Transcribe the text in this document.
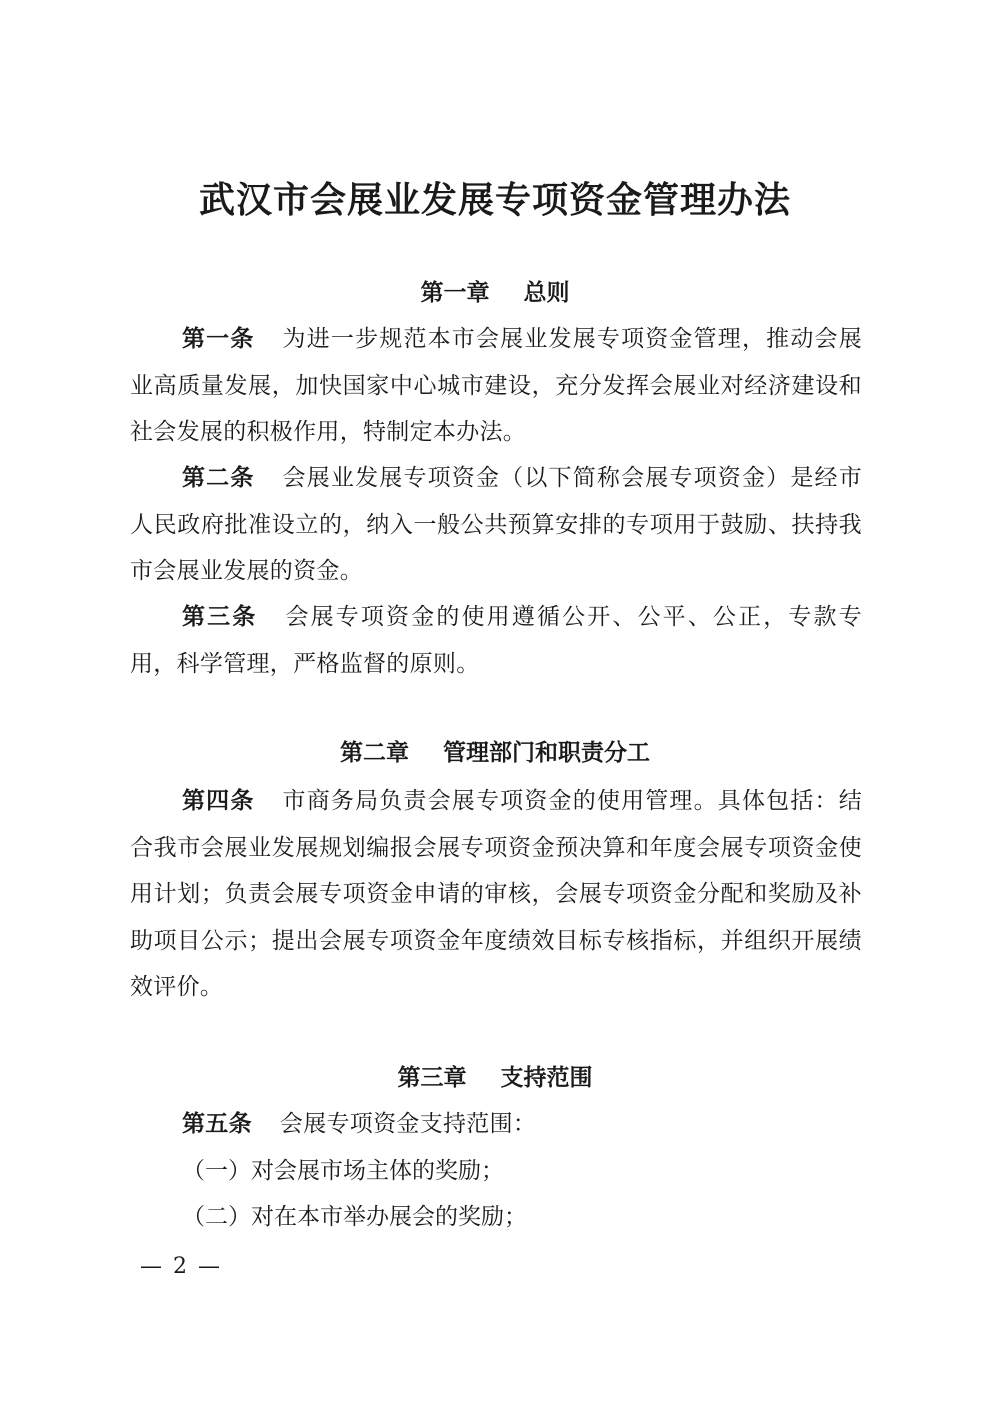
武汉市会展业发展专项资金管理办法
第一章 总则

第一条 为进一步规范本市会展业发展专项资金管理，推动会展业高质量发展，加快国家中心城市建设，充分发挥会展业对经济建设和社会发展的积极作用，特制定本办法。

第二条 会展业发展专项资金（以下简称会展专项资金）是经市人民政府批准设立的，纳入一般公共预算安排的专项用于鼓励、扶持我市会展业发展的资金。

第三条 会展专项资金的使用遵循公开、公平、公正，专款专用，科学管理，严格监督的原则。

第二章 管理部门和职责分工

第四条 市商务局负责会展专项资金的使用管理。具体包括：结合我市会展业发展规划编报会展专项资金预决算和年度会展专项资金使用计划；负责会展专项资金申请的审核，会展专项资金分配和奖励及补助项目公示；提出会展专项资金年度绩效目标专核指标，并组织开展绩效评价。

第三章 支持范围

第五条 会展专项资金支持范围：

（一）对会展市场主体的奖励；
（二）对在本市举办展会的奖励；
— 2 —
